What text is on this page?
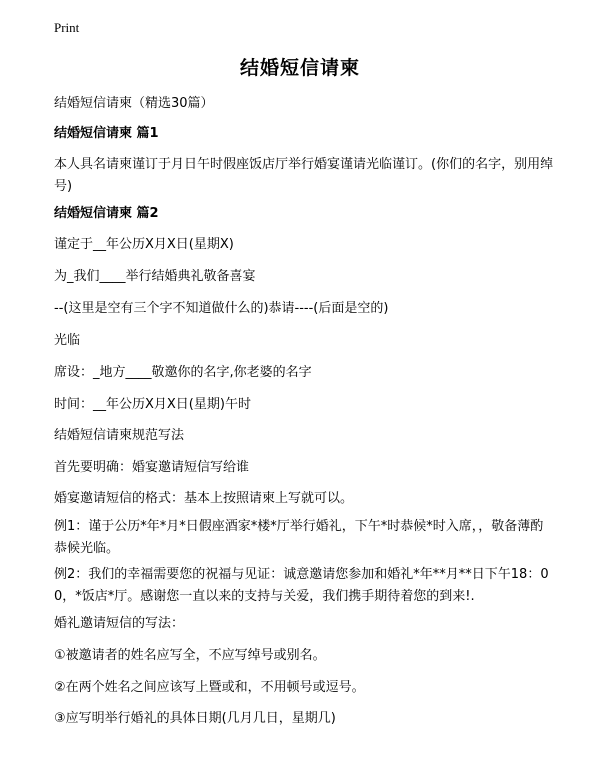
Print
结婚短信请柬
结婚短信请柬（精选30篇）
结婚短信请柬 篇1
本人具名请柬谨订于月日午时假座饭店厅举行婚宴谨请光临谨订。(你们的名字，别用绰号)
结婚短信请柬 篇2
谨定于__年公历X月X日(星期X)
为_我们____举行结婚典礼敬备喜宴
--(这里是空有三个字不知道做什么的)恭请----(后面是空的)
光临
席设：_地方____敬邀你的名字,你老婆的名字
时间：__年公历X月X日(星期)午时
结婚短信请柬规范写法
首先要明确：婚宴邀请短信写给谁
婚宴邀请短信的格式：基本上按照请柬上写就可以。
例1：谨于公历*年*月*日假座酒家*楼*厅举行婚礼，下午*时恭候*时入席，，敬备薄酌恭候光临。
例2：我们的幸福需要您的祝福与见证：诚意邀请您参加和婚礼*年**月**日下午18：00，*饭店*厅。感谢您一直以来的支持与关爱，我们携手期待着您的到来!.
婚礼邀请短信的写法：
①被邀请者的姓名应写全，不应写绰号或别名。
②在两个姓名之间应该写上暨或和，不用顿号或逗号。
③应写明举行婚礼的具体日期(几月几日，星期几)
